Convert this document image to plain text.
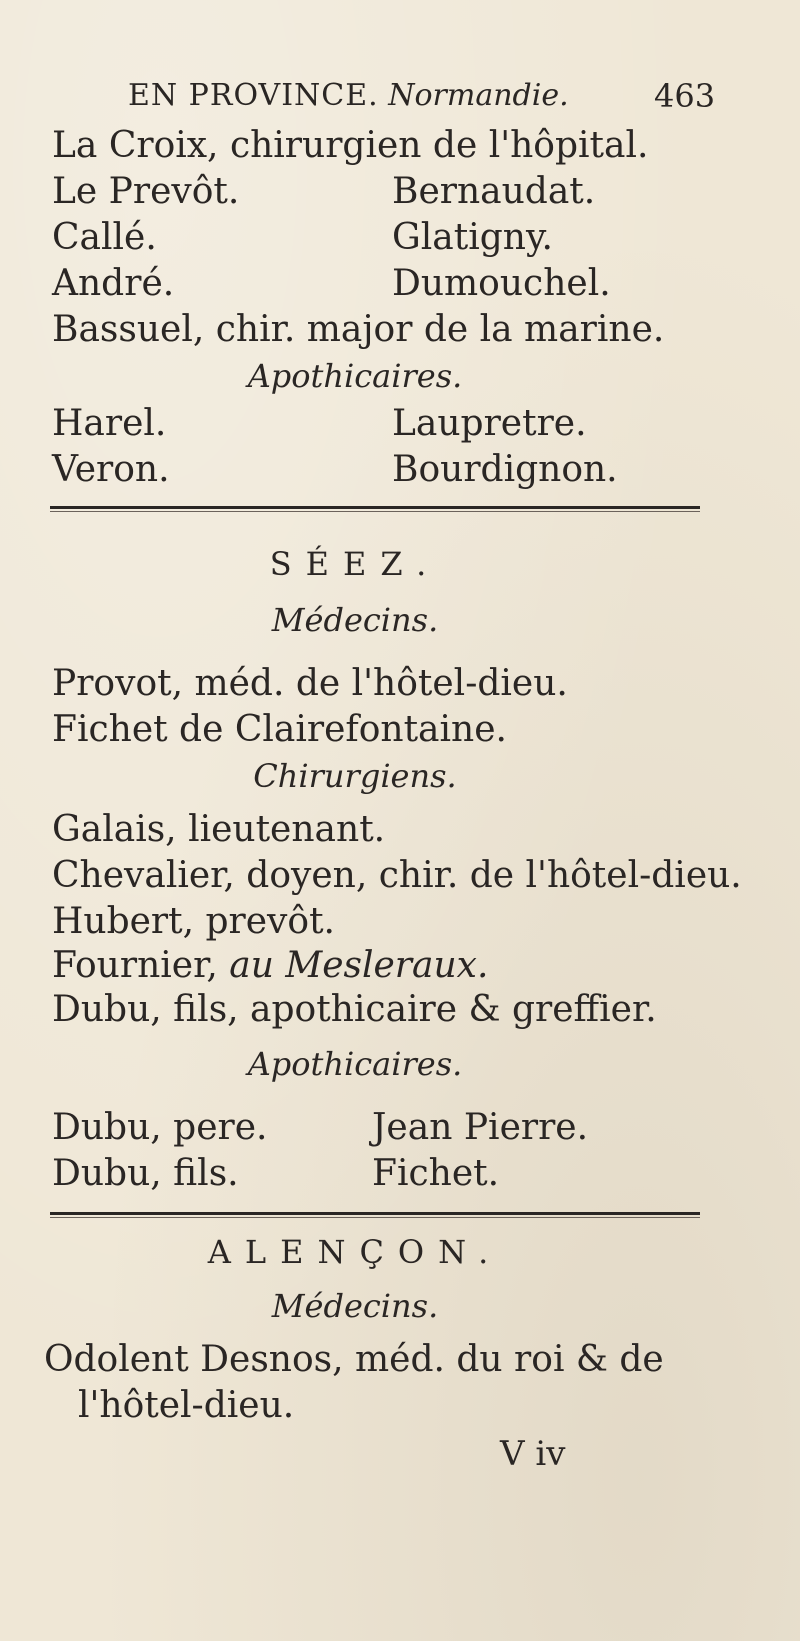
EN PROVINCE. Normandie.	463
La Croix, chirurgien de l'hôpital.
Le Prevôt.	Bernaudat.
Callé.	Glatigny.
André.	Dumouchel.
Bassuel, chir. major de la marine.
Apothicaires.
Harel.	Laupretre.
Veron.	Bourdignon.
SÉEZ.
Médecins.
Provot, méd. de l'hôtel-dieu.
Fichet de Clairefontaine.
Chirurgiens.
Galais, lieutenant.
Chevalier, doyen, chir. de l'hôtel-dieu.
Hubert, prevôt.
Fournier, au Mesleraux.
Dubu, fils, apothicaire & greffier.
Apothicaires.
Dubu, pere.	Jean Pierre.
Dubu, fils.	Fichet.
ALENÇON.
Médecins.
Odolent Desnos, méd. du roi & de
l'hôtel-dieu.
V iv
